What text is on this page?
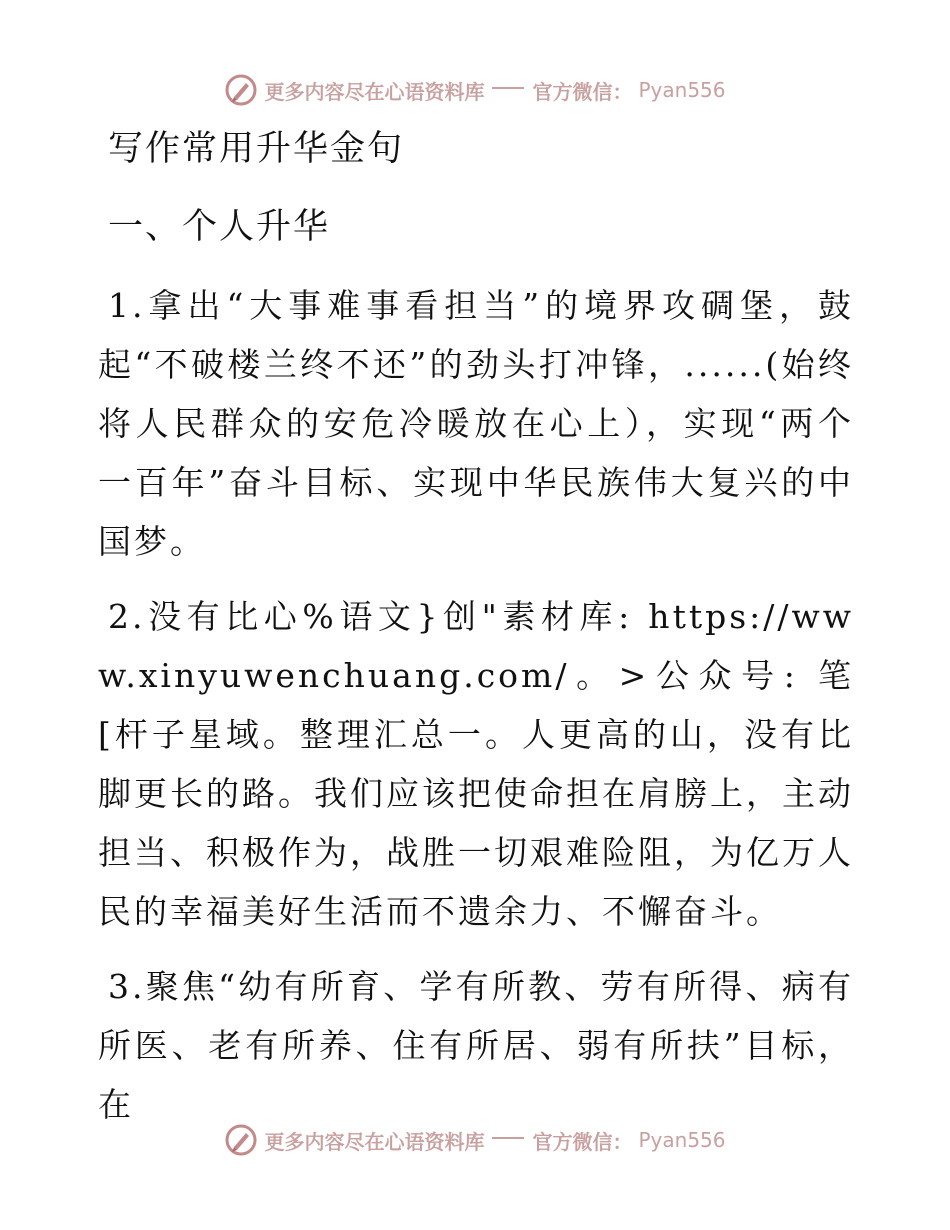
更多内容尽在心语资料库 官方微信： Pyan556
写作常用升华金句
一、个人升华

1.拿出“大事难事看担当”的境界攻碉堡，鼓起“不破楼兰终不还”的劲头打冲锋，......(始终将人民群众的安危冷暖放在心上），实现“两个一百年”奋斗目标、实现中华民族伟大复兴的中国梦。

2.没有比心%语文}创"素材库: https://www.xinyuwenchuang.com/。>公众号: 笔[杆子星域。整理汇总一。人更高的山，没有比脚更长的路。我们应该把使命担在肩膀上，主动担当、积极作为，战胜一切艰难险阻，为亿万人民的幸福美好生活而不遗余力、不懈奋斗。

3.聚焦“幼有所育、学有所教、劳有所得、病有所医、老有所养、住有所居、弱有所扶”目标，在

更多内容尽在心语资料库 官方微信： Pyan556
